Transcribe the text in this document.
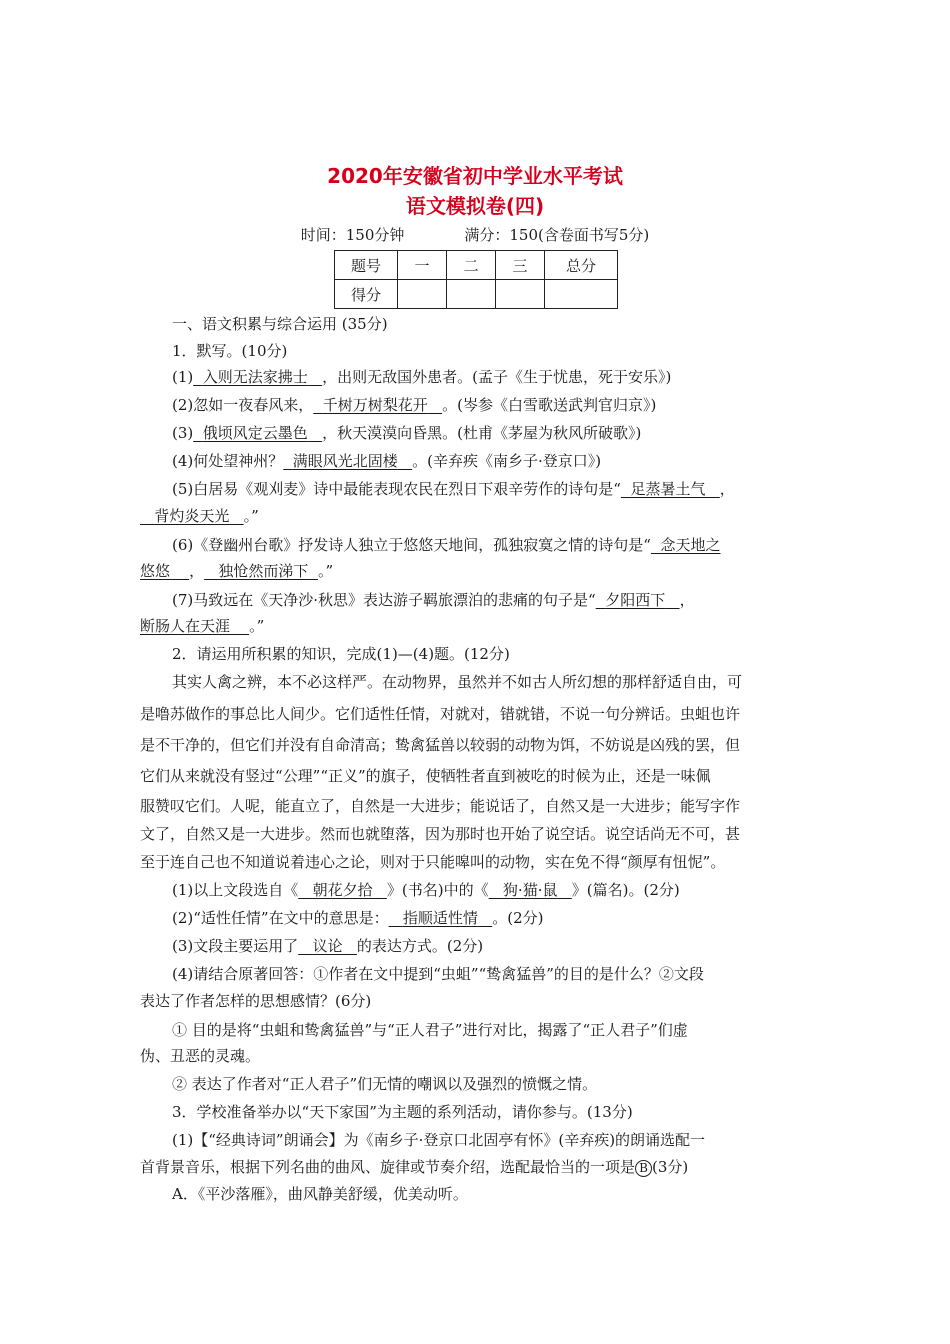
2020年安徽省初中学业水平考试
语文模拟卷(四)
时间：150分钟	满分：150(含卷面书写5分)
题号	一	二	三	总分
得分				
一、语文积累与综合运用 (35分)
1．默写。(10分)
(1) 入则无法家拂士 ，出则无敌国外患者。(孟子《生于忧患，死于安乐》)
(2)忽如一夜春风来， 千树万树梨花开 。(岑参《白雪歌送武判官归京》)
(3) 俄顷风定云墨色 ，秋天漠漠向昏黑。(杜甫《茅屋为秋风所破歌》)
(4)何处望神州？ 满眼风光北固楼 。(辛弃疾《南乡子·登京口》)
(5)白居易《观刈麦》诗中最能表现农民在烈日下艰辛劳作的诗句是“ 足蒸暑土气 ，
背灼炎天光 。”
(6)《登幽州台歌》抒发诗人独立于悠悠天地间，孤独寂寞之情的诗句是“ 念天地之
悠悠 ， 独怆然而涕下 。”
(7)马致远在《天净沙·秋思》表达游子羁旅漂泊的悲痛的句子是“ 夕阳西下 ，
断肠人在天涯 。”
2．请运用所积累的知识，完成(1)—(4)题。(12分)
其实人禽之辨，本不必这样严。在动物界，虽然并不如古人所幻想的那样舒适自由，可
是噜苏做作的事总比人间少。它们适性任情，对就对，错就错，不说一句分辨话。虫蛆也许
是不干净的，但它们并没有自命清高；鸷禽猛兽以较弱的动物为饵，不妨说是凶残的罢，但
它们从来就没有竖过“公理”“正义”的旗子，使牺牲者直到被吃的时候为止，还是一味佩
服赞叹它们。人呢，能直立了，自然是一大进步；能说话了，自然又是一大进步；能写字作
文了，自然又是一大进步。然而也就堕落，因为那时也开始了说空话。说空话尚无不可，甚
至于连自己也不知道说着违心之论，则对于只能嗥叫的动物，实在免不得“颜厚有忸怩”。
(1)以上文段选自《 朝花夕拾 》(书名)中的《 狗·猫·鼠 》(篇名)。(2分)
(2)“适性任情”在文中的意思是： 指顺适性情 。(2分)
(3)文段主要运用了 议论 的表达方式。(2分)
(4)请结合原著回答：①作者在文中提到“虫蛆”“鸷禽猛兽”的目的是什么？②文段
表达了作者怎样的思想感情？(6分)
① 目的是将“虫蛆和鸷禽猛兽”与“正人君子”进行对比，揭露了“正人君子”们虚
伪、丑恶的灵魂。
② 表达了作者对“正人君子”们无情的嘲讽以及强烈的愤慨之情。
3．学校准备举办以“天下家国”为主题的系列活动，请你参与。(13分)
(1)【“经典诗词”朗诵会】为《南乡子·登京口北固亭有怀》(辛弃疾)的朗诵选配一
首背景音乐，根据下列名曲的曲风、旋律或节奏介绍，选配最恰当的一项是 B (3分)
A．《平沙落雁》，曲风静美舒缓，优美动听。
